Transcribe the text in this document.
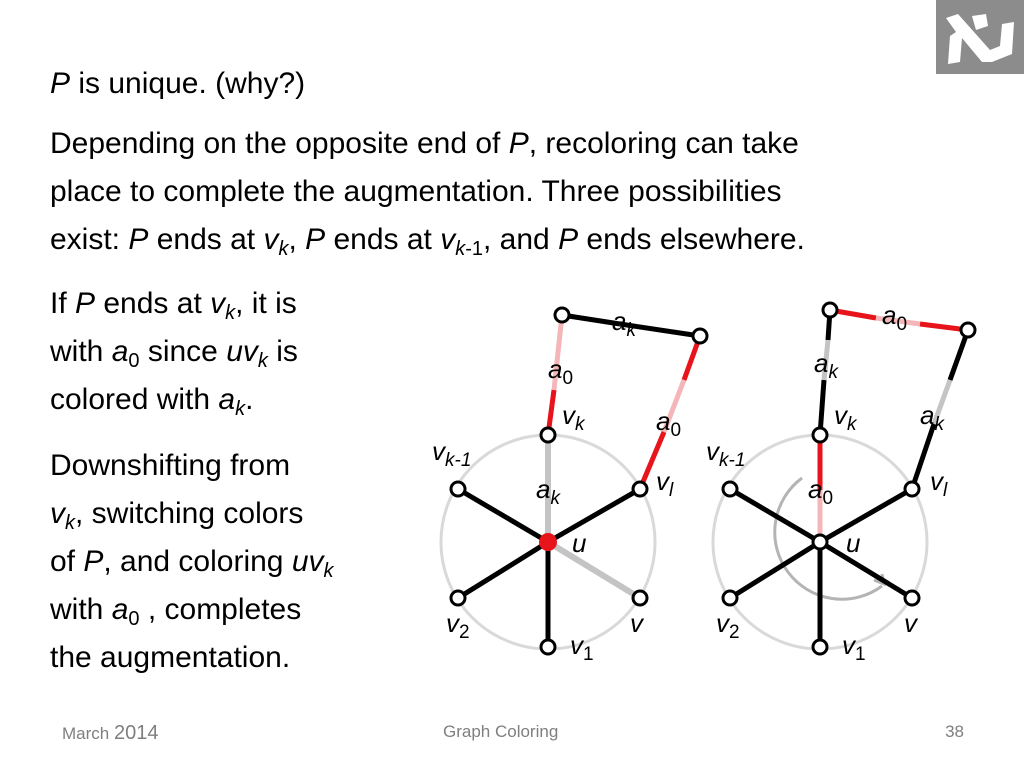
P is unique. (why?)

Depending on the opposite end of P, recoloring can take
place to complete the augmentation. Three possibilities
exist: P ends at $v_k$, P ends at $v_{k-1}$, and P ends elsewhere.
If P ends at $v_k$, it is
with $a_0$ since $uv_k$ is
colored with $a_k$.
Downshifting from
$v_k$, switching colors
of P, and coloring $uv_k$
with $a_0$ , completes
the augmentation.
$a_k$
$a_0$
$v_k$	$a_0$
$v_{k-1}$
$a_k$
$v_l$
u
$v_2$	v
$v_1$
$a_0$
$a_k$
$v_k$ $a_k$
$v_{k-1}$
$a_0$
$v_l$
u
$v_2$	v
$v_1$
March 2014	Graph Coloring	38
